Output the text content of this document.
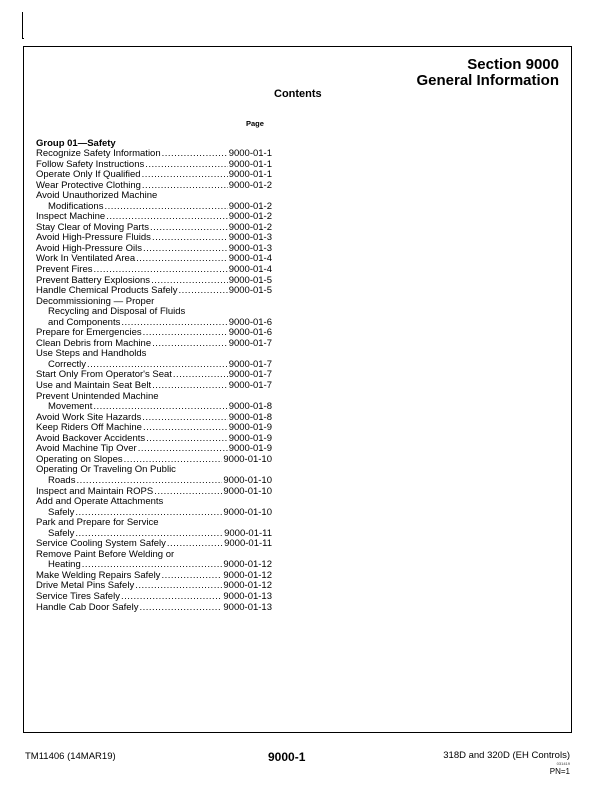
Section 9000
General Information
Contents
Page
Group 01—Safety
Recognize Safety Information .....	9000-01-1
Follow Safety Instructions .....	9000-01-1
Operate Only If Qualified .....	9000-01-1
Wear Protective Clothing .....	9000-01-2
Avoid Unauthorized Machine
Modifications .....	9000-01-2
Inspect Machine .....	9000-01-2
Stay Clear of Moving Parts .....	9000-01-2
Avoid High-Pressure Fluids .....	9000-01-3
Avoid High-Pressure Oils .....	9000-01-3
Work In Ventilated Area .....	9000-01-4
Prevent Fires .....	9000-01-4
Prevent Battery Explosions .....	9000-01-5
Handle Chemical Products Safely .....	9000-01-5
Decommissioning — Proper
Recycling and Disposal of Fluids
and Components .....	9000-01-6
Prepare for Emergencies .....	9000-01-6
Clean Debris from Machine .....	9000-01-7
Use Steps and Handholds
Correctly .....	9000-01-7
Start Only From Operator's Seat .....	9000-01-7
Use and Maintain Seat Belt .....	9000-01-7
Prevent Unintended Machine
Movement .....	9000-01-8
Avoid Work Site Hazards .....	9000-01-8
Keep Riders Off Machine .....	9000-01-9
Avoid Backover Accidents .....	9000-01-9
Avoid Machine Tip Over .....	9000-01-9
Operating on Slopes .....	9000-01-10
Operating Or Traveling On Public
Roads .....	9000-01-10
Inspect and Maintain ROPS .....	9000-01-10
Add and Operate Attachments
Safely .....	9000-01-10
Park and Prepare for Service
Safely .....	9000-01-11
Service Cooling System Safely .....	9000-01-11
Remove Paint Before Welding or
Heating .....	9000-01-12
Make Welding Repairs Safely .....	9000-01-12
Drive Metal Pins Safely .....	9000-01-12
Service Tires Safely .....	9000-01-13
Handle Cab Door Safely .....	9000-01-13
TM11406 (14MAR19)	9000-1	318D and 320D (EH Controls)
031419
PN=1
